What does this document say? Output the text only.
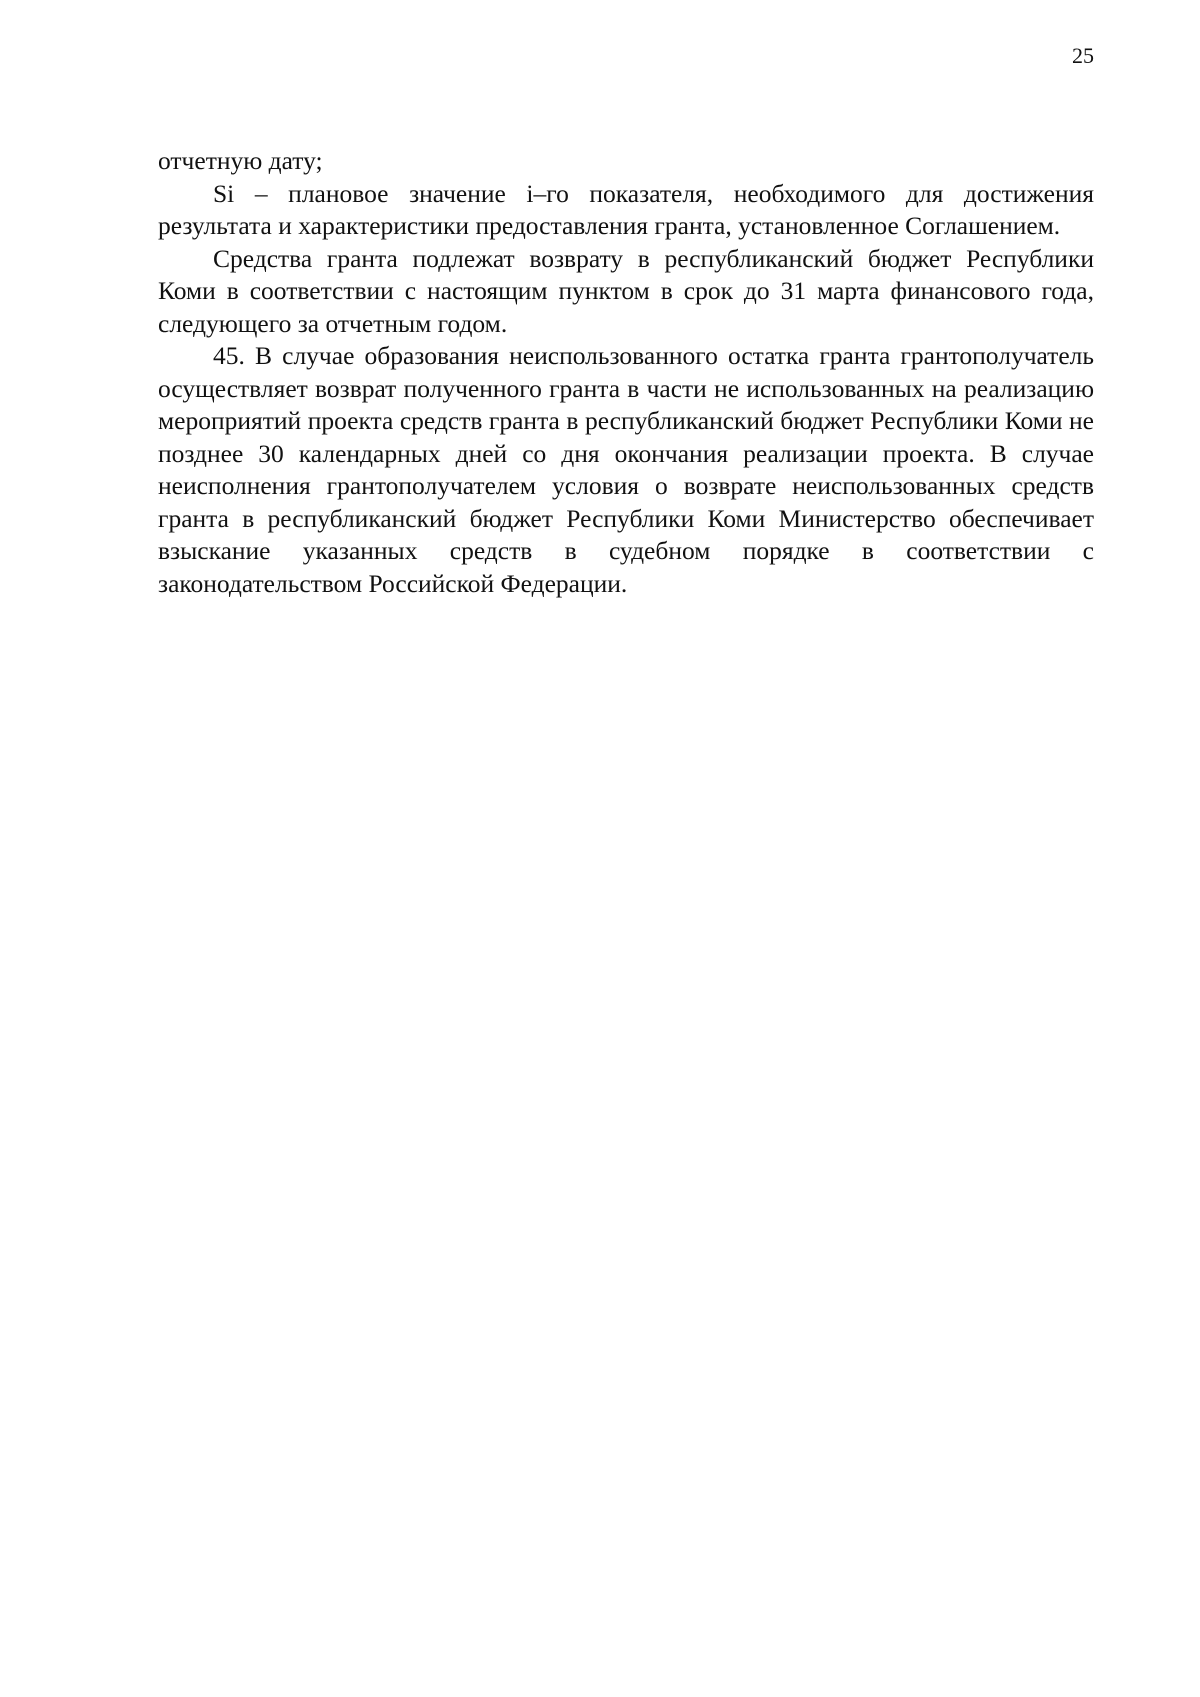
25

отчетную дату;

Si – плановое значение i–го показателя, необходимого для достижения результата и характеристики предоставления гранта, установленное Соглашением.

Средства гранта подлежат возврату в республиканский бюджет Республики Коми в соответствии с настоящим пунктом в срок до 31 марта финансового года, следующего за отчетным годом.

45. В случае образования неиспользованного остатка гранта грантополучатель осуществляет возврат полученного гранта в части не использованных на реализацию мероприятий проекта средств гранта в республиканский бюджет Республики Коми не позднее 30 календарных дней со дня окончания реализации проекта. В случае неисполнения грантополучателем условия о возврате неиспользованных средств гранта в республиканский бюджет Республики Коми Министерство обеспечивает взыскание указанных средств в судебном порядке в соответствии с законодательством Российской Федерации.
